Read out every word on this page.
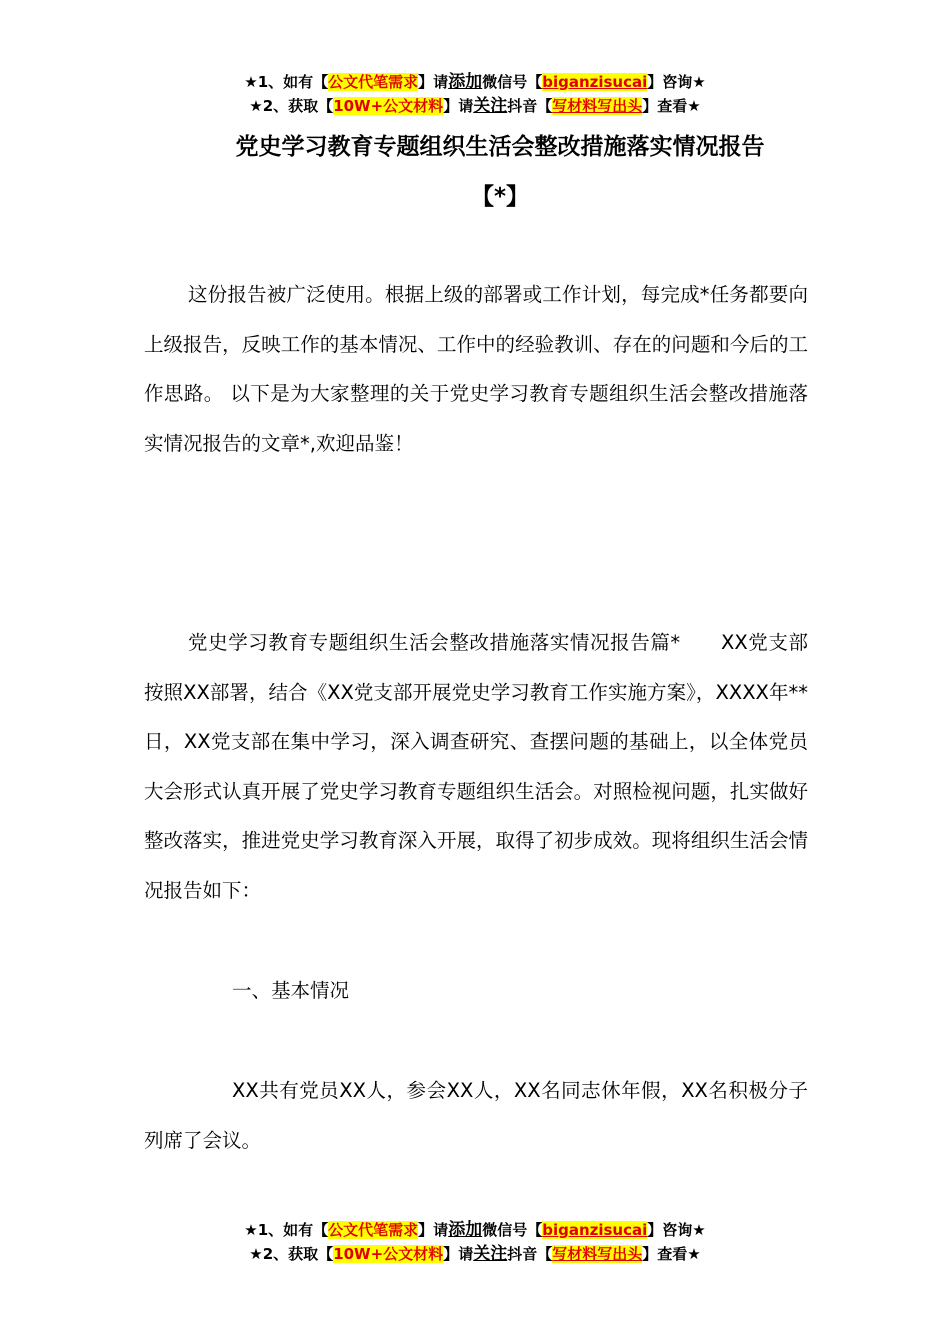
★1、如有【公文代笔需求】请添加微信号【biganzisucai】咨询★
★2、获取【10W+公文材料】请关注抖音【写材料写出头】查看★
党史学习教育专题组织生活会整改措施落实情况报告
【*】

这份报告被广泛使用。根据上级的部署或工作计划，每完成*任务都要向上级报告，反映工作的基本情况、工作中的经验教训、存在的问题和今后的工作思路。 以下是为大家整理的关于党史学习教育专题组织生活会整改措施落实情况报告的文章*,欢迎品鉴！

党史学习教育专题组织生活会整改措施落实情况报告篇*　　XX党支部按照XX部署，结合《XX党支部开展党史学习教育工作实施方案》，XXXX年**日，XX党支部在集中学习，深入调查研究、查摆问题的基础上，以全体党员大会形式认真开展了党史学习教育专题组织生活会。对照检视问题，扎实做好整改落实，推进党史学习教育深入开展，取得了初步成效。现将组织生活会情况报告如下：

一、基本情况

XX共有党员XX人，参会XX人，XX名同志休年假，XX名积极分子列席了会议。

★1、如有【公文代笔需求】请添加微信号【biganzisucai】咨询★
★2、获取【10W+公文材料】请关注抖音【写材料写出头】查看★
